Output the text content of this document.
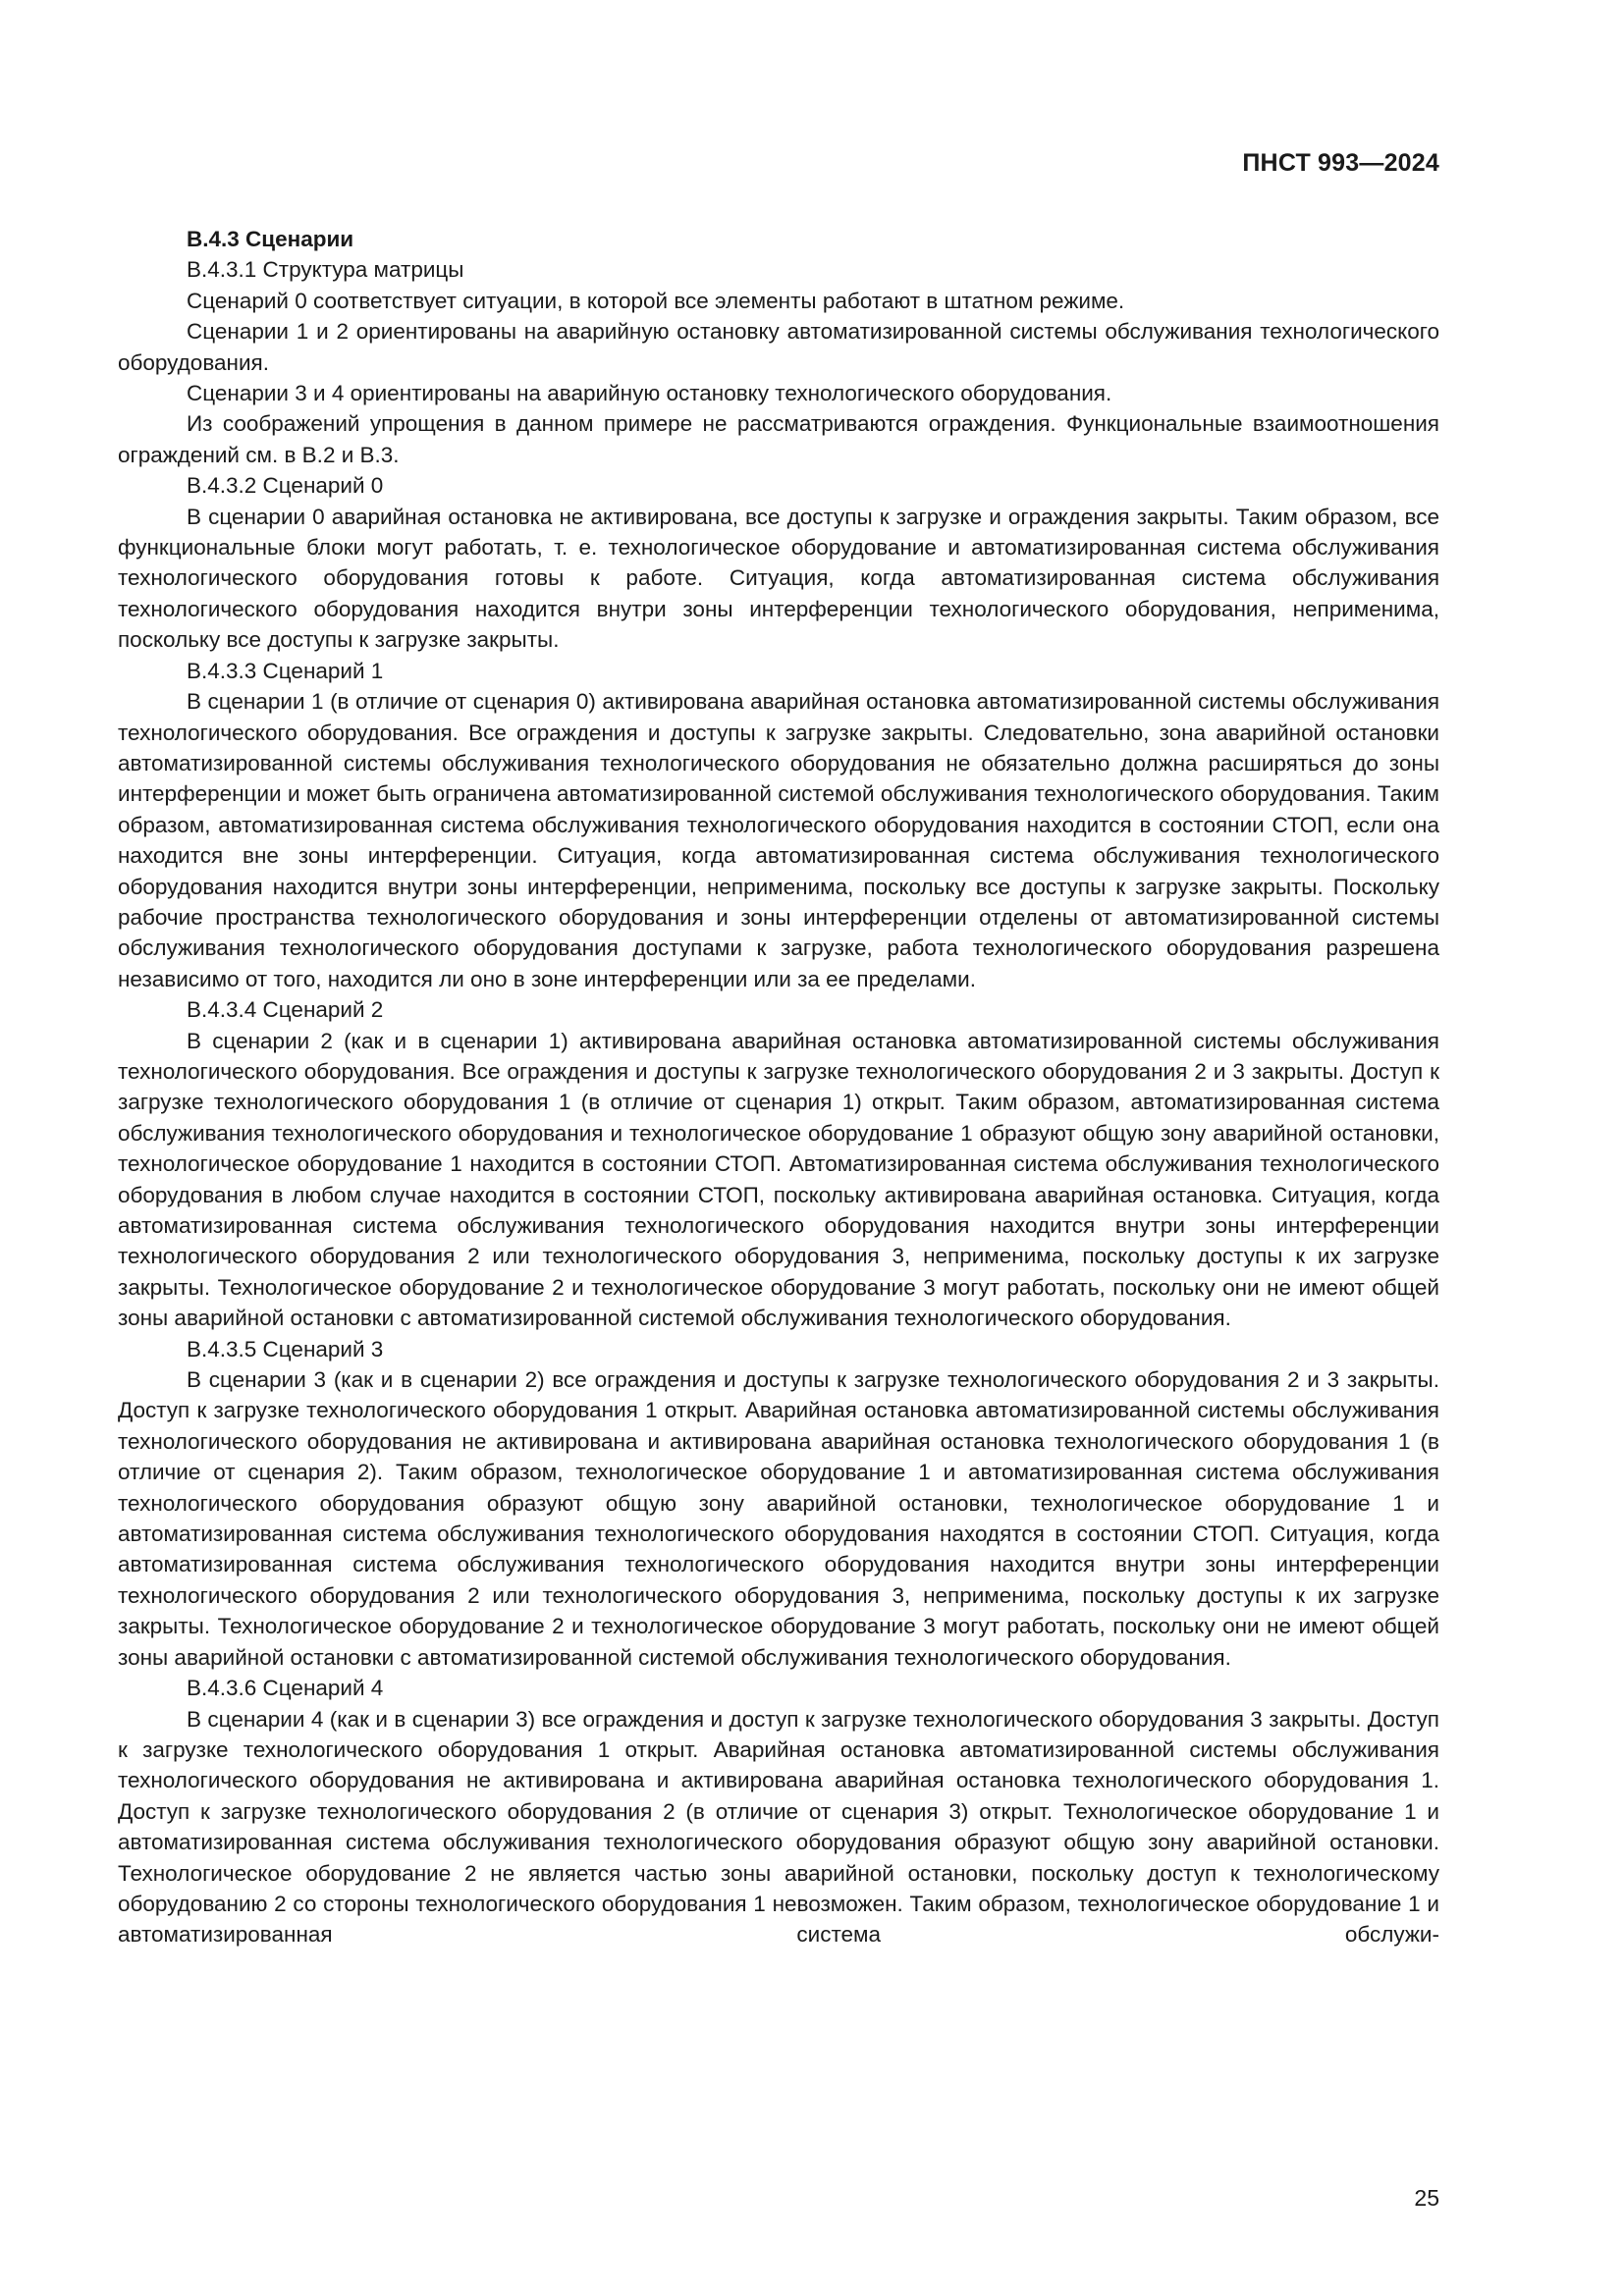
ПНСТ 993—2024

В.4.3 Сценарии

В.4.3.1 Структура матрицы

Сценарий 0 соответствует ситуации, в которой все элементы работают в штатном режиме.

Сценарии 1 и 2 ориентированы на аварийную остановку автоматизированной системы обслуживания технологического оборудования.

Сценарии 3 и 4 ориентированы на аварийную остановку технологического оборудования.

Из соображений упрощения в данном примере не рассматриваются ограждения. Функциональные взаимоотношения ограждений см. в В.2 и В.3.

В.4.3.2 Сценарий 0

В сценарии 0 аварийная остановка не активирована, все доступы к загрузке и ограждения закрыты. Таким образом, все функциональные блоки могут работать, т. е. технологическое оборудование и автоматизированная система обслуживания технологического оборудования готовы к работе. Ситуация, когда автоматизированная система обслуживания технологического оборудования находится внутри зоны интерференции технологического оборудования, неприменима, поскольку все доступы к загрузке закрыты.

В.4.3.3 Сценарий 1

В сценарии 1 (в отличие от сценария 0) активирована аварийная остановка автоматизированной системы обслуживания технологического оборудования. Все ограждения и доступы к загрузке закрыты. Следовательно, зона аварийной остановки автоматизированной системы обслуживания технологического оборудования не обязательно должна расширяться до зоны интерференции и может быть ограничена автоматизированной системой обслуживания технологического оборудования. Таким образом, автоматизированная система обслуживания технологического оборудования находится в состоянии СТОП, если она находится вне зоны интерференции. Ситуация, когда автоматизированная система обслуживания технологического оборудования находится внутри зоны интерференции, неприменима, поскольку все доступы к загрузке закрыты. Поскольку рабочие пространства технологического оборудования и зоны интерференции отделены от автоматизированной системы обслуживания технологического оборудования доступами к загрузке, работа технологического оборудования разрешена независимо от того, находится ли оно в зоне интерференции или за ее пределами.

В.4.3.4 Сценарий 2

В сценарии 2 (как и в сценарии 1) активирована аварийная остановка автоматизированной системы обслуживания технологического оборудования. Все ограждения и доступы к загрузке технологического оборудования 2 и 3 закрыты. Доступ к загрузке технологического оборудования 1 (в отличие от сценария 1) открыт. Таким образом, автоматизированная система обслуживания технологического оборудования и технологическое оборудование 1 образуют общую зону аварийной остановки, технологическое оборудование 1 находится в состоянии СТОП. Автоматизированная система обслуживания технологического оборудования в любом случае находится в состоянии СТОП, поскольку активирована аварийная остановка. Ситуация, когда автоматизированная система обслуживания технологического оборудования находится внутри зоны интерференции технологического оборудования 2 или технологического оборудования 3, неприменима, поскольку доступы к их загрузке закрыты. Технологическое оборудование 2 и технологическое оборудование 3 могут работать, поскольку они не имеют общей зоны аварийной остановки с автоматизированной системой обслуживания технологического оборудования.

В.4.3.5 Сценарий 3

В сценарии 3 (как и в сценарии 2) все ограждения и доступы к загрузке технологического оборудования 2 и 3 закрыты. Доступ к загрузке технологического оборудования 1 открыт. Аварийная остановка автоматизированной системы обслуживания технологического оборудования не активирована и активирована аварийная остановка технологического оборудования 1 (в отличие от сценария 2). Таким образом, технологическое оборудование 1 и автоматизированная система обслуживания технологического оборудования образуют общую зону аварийной остановки, технологическое оборудование 1 и автоматизированная система обслуживания технологического оборудования находятся в состоянии СТОП. Ситуация, когда автоматизированная система обслуживания технологического оборудования находится внутри зоны интерференции технологического оборудования 2 или технологического оборудования 3, неприменима, поскольку доступы к их загрузке закрыты. Технологическое оборудование 2 и технологическое оборудование 3 могут работать, поскольку они не имеют общей зоны аварийной остановки с автоматизированной системой обслуживания технологического оборудования.

В.4.3.6 Сценарий 4

В сценарии 4 (как и в сценарии 3) все ограждения и доступ к загрузке технологического оборудования 3 закрыты. Доступ к загрузке технологического оборудования 1 открыт. Аварийная остановка автоматизированной системы обслуживания технологического оборудования не активирована и активирована аварийная остановка технологического оборудования 1. Доступ к загрузке технологического оборудования 2 (в отличие от сценария 3) открыт. Технологическое оборудование 1 и автоматизированная система обслуживания технологического оборудования образуют общую зону аварийной остановки. Технологическое оборудование 2 не является частью зоны аварийной остановки, поскольку доступ к технологическому оборудованию 2 со стороны технологического оборудования 1 невозможен. Таким образом, технологическое оборудование 1 и автоматизированная система обслужи-

25
